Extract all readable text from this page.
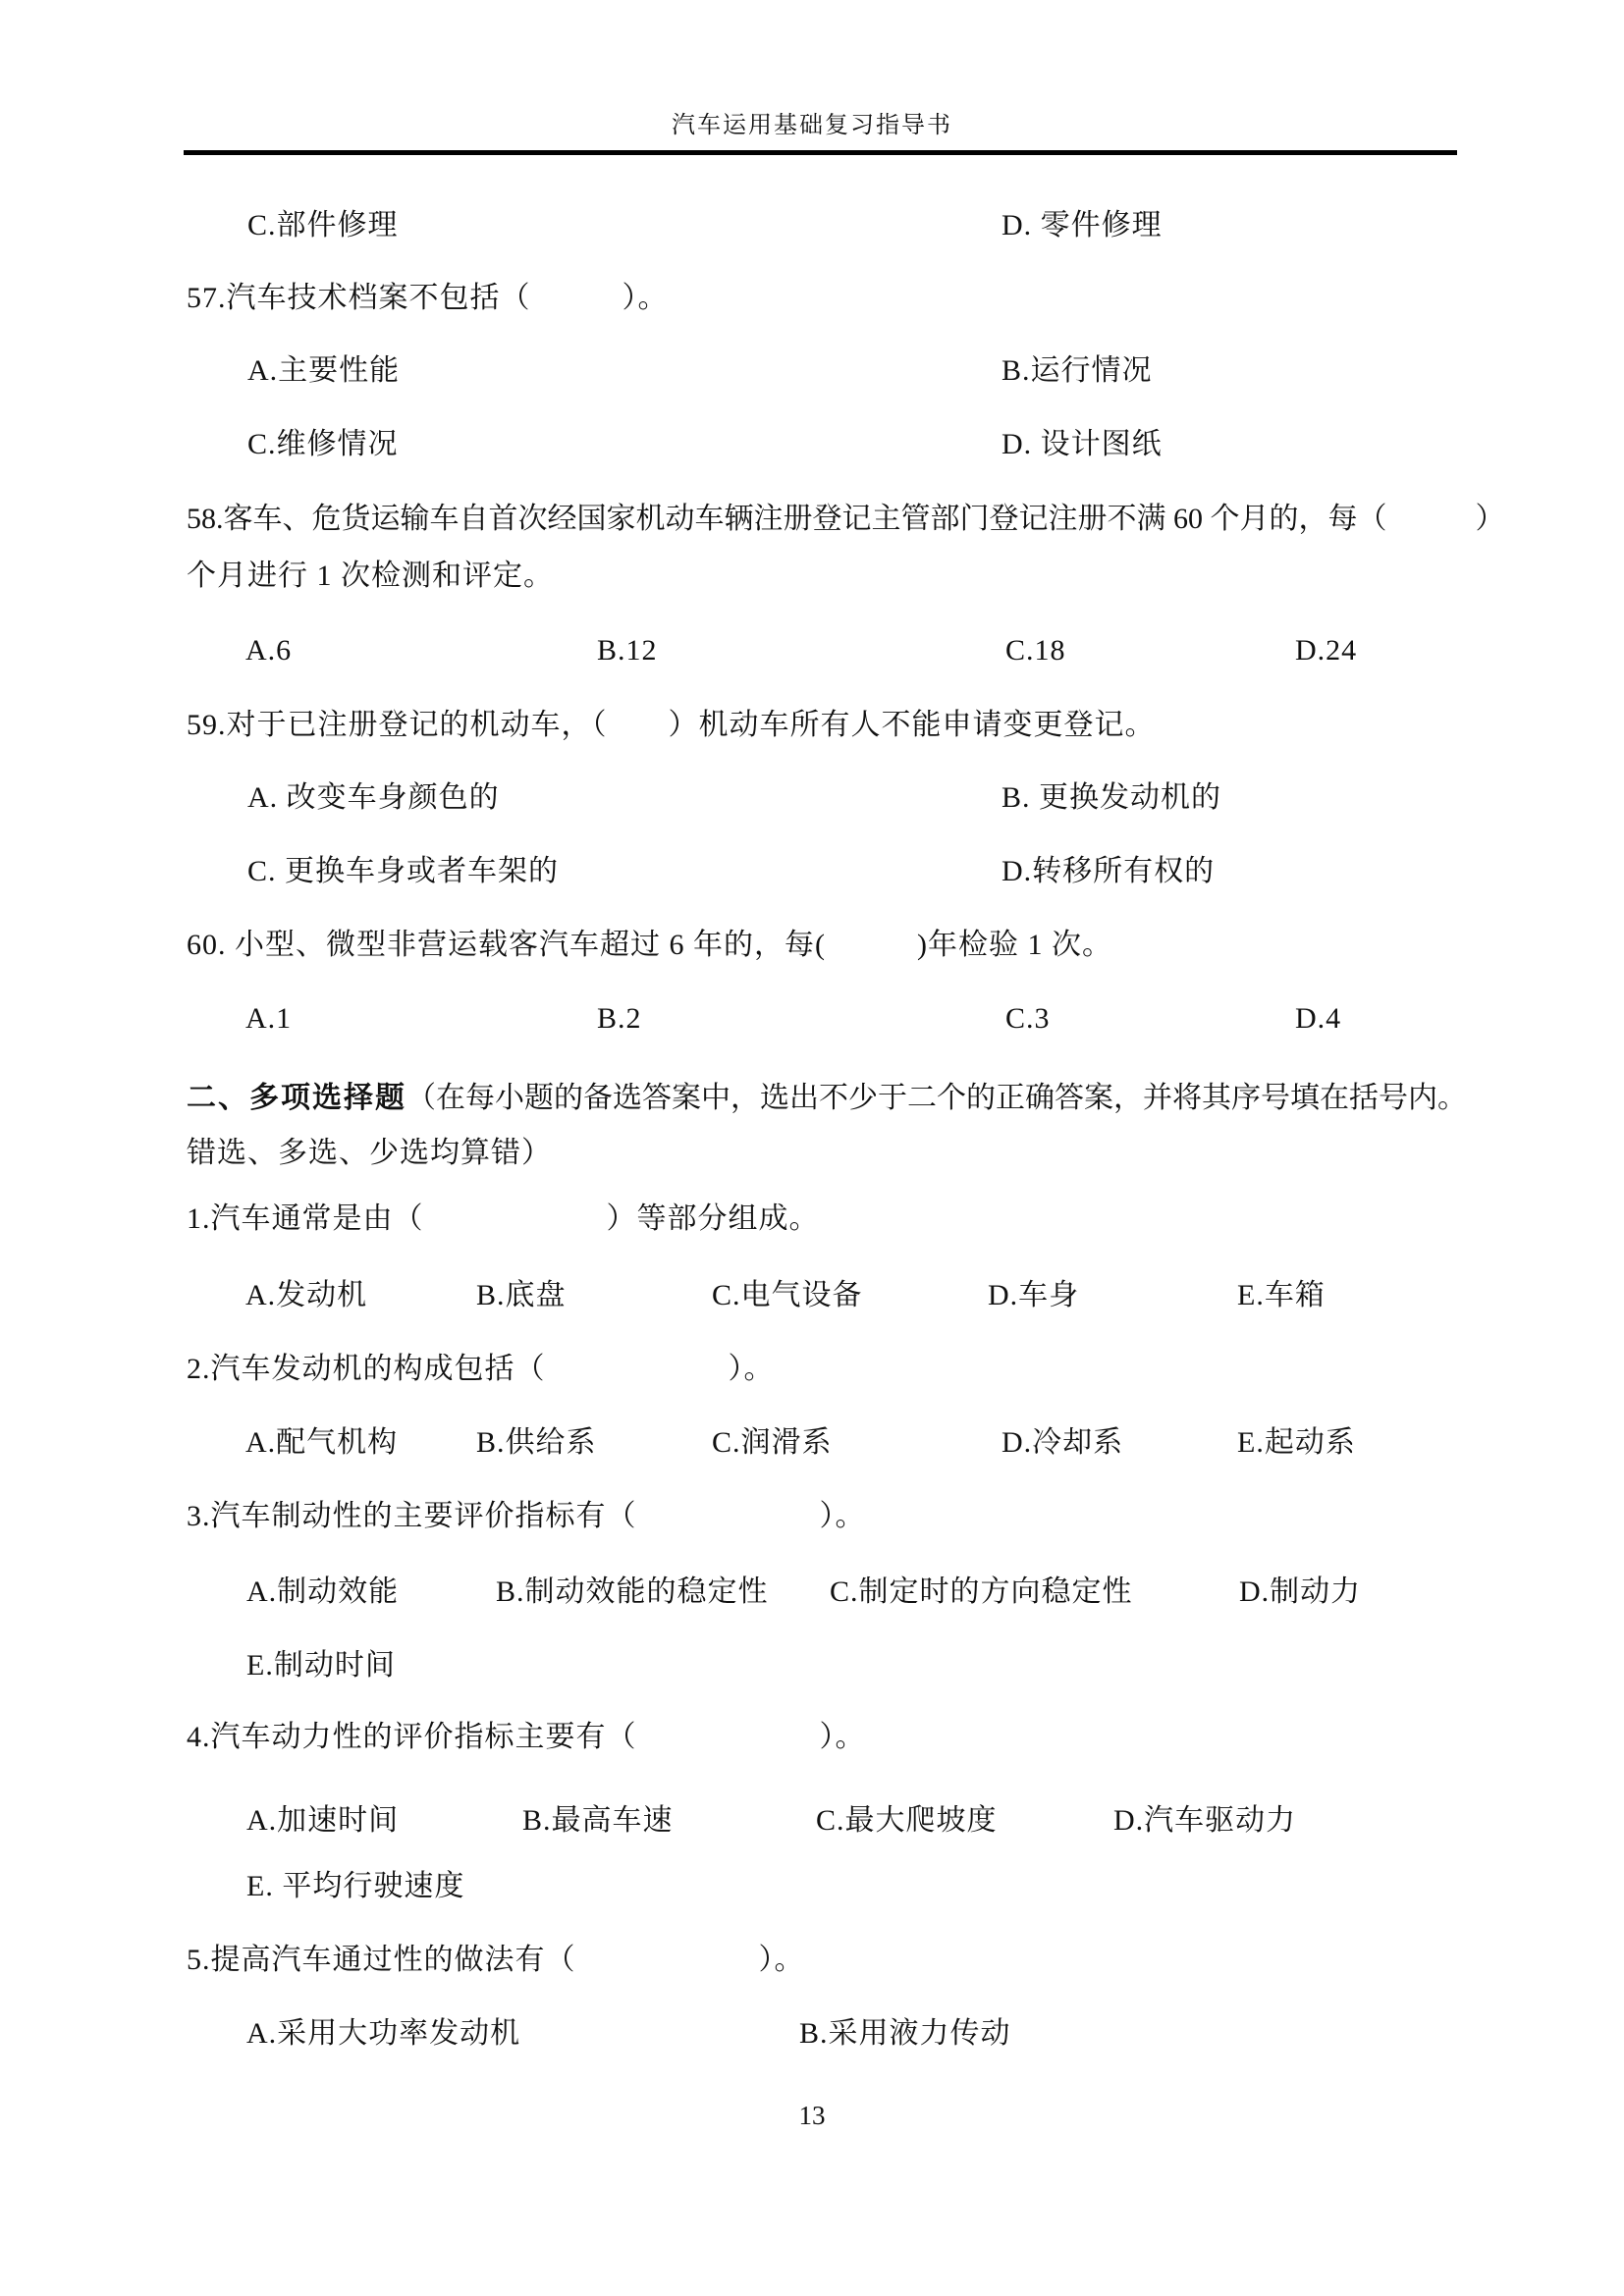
汽车运用基础复习指导书
C.部件修理	D. 零件修理
57.汽车技术档案不包括（　　　）。
A.主要性能	B.运行情况
C.维修情况	D. 设计图纸
58.客车、危货运输车自首次经国家机动车辆注册登记主管部门登记注册不满 60 个月的，每（　　　）
个月进行 1 次检测和评定。
A.6	B.12	C.18	D.24
59.对于已注册登记的机动车，（　　）机动车所有人不能申请变更登记。
A. 改变车身颜色的	B. 更换发动机的
C. 更换车身或者车架的	D.转移所有权的
60. 小型、微型非营运载客汽车超过 6 年的，每(　　　)年检验 1 次。
A.1	B.2	C.3	D.4
二、多项选择题（在每小题的备选答案中，选出不少于二个的正确答案，并将其序号填在括号内。
错选、多选、少选均算错）
1.汽车通常是由（　　　　　　）等部分组成。
A.发动机	B.底盘	C.电气设备	D.车身	E.车箱
2.汽车发动机的构成包括（　　　　　　）。
A.配气机构	B.供给系	C.润滑系	D.冷却系	E.起动系
3.汽车制动性的主要评价指标有（　　　　　　）。
A.制动效能	B.制动效能的稳定性 C.制定时的方向稳定性	D.制动力
E.制动时间
4.汽车动力性的评价指标主要有（　　　　　　）。
A.加速时间	B.最高车速	C.最大爬坡度	D.汽车驱动力
E. 平均行驶速度
5.提高汽车通过性的做法有（　　　　　　）。
A.采用大功率发动机	B.采用液力传动
13
